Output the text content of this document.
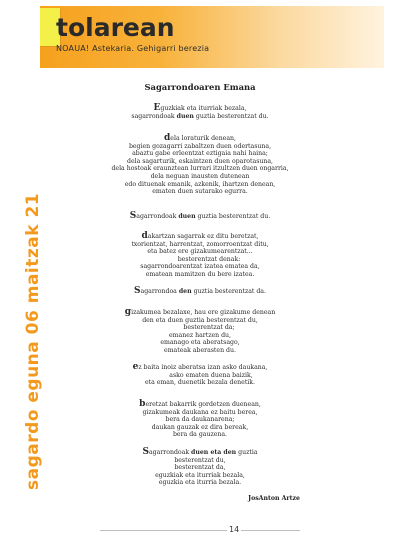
tolarean
NOAUA! Astekaria. Gehigarri berezia
sagardo eguna 06 maitzak 21
Sagarrondoaren Emana
Eguzkiak eta iturriak bezala,
sagarrondoak duen guztia besterentzat du.
dela loraturik denean,
begien gozagarri zabaltzen duen odertasuna,
abaztu gabe erleentzat eztigaia nahi haina;
dela sagarturik, eskaintzen duen oparotasuna,
dela hostoak eraunztean lurrari itzultzen duen ongarria,
dela neguan inausten dutenean
edo dituenak emanik, azkenik, ihartzen denean,
ematen duen sutarako egurra.
Sagarrondoak duen guztia besterentzat du.
dakartzan sagarrak ez ditu beretzat,
txorientzat, harrentzat, zomorroentzat ditu,
eta batez ere gizakumearentzat...
besterentzat denak:
sagarrondoarentzat izatea ematea da,
ematean mamitzen du bere izatea.
Sagarrondoa den guztia besterentzat da.
gizakumea bezalaxe, hau ere gizakume denean
den eta duen guztia besterentzat du,
besterentzat da;
emanez hartzen du,
emanago eta aberatsago,
emateak aberasten du.
ez baita inoiz aberatsa izan asko daukana,
asko ematen duena baizik,
eta eman, duenetik bezala denetik.
beretzat bakarrik gordetzen duenean,
gizakumeak daukana ez baitu berea,
bera da daukanarena;
daukan gauzak ez dira bereak,
bera da gauzena.
Sagarrondoak duen eta den guztia
besterentzat du,
besterentzat da,
eguzkiak eta iturriak bezala,
eguzkia eta iturria bezala.
JosAnton Artze
14
